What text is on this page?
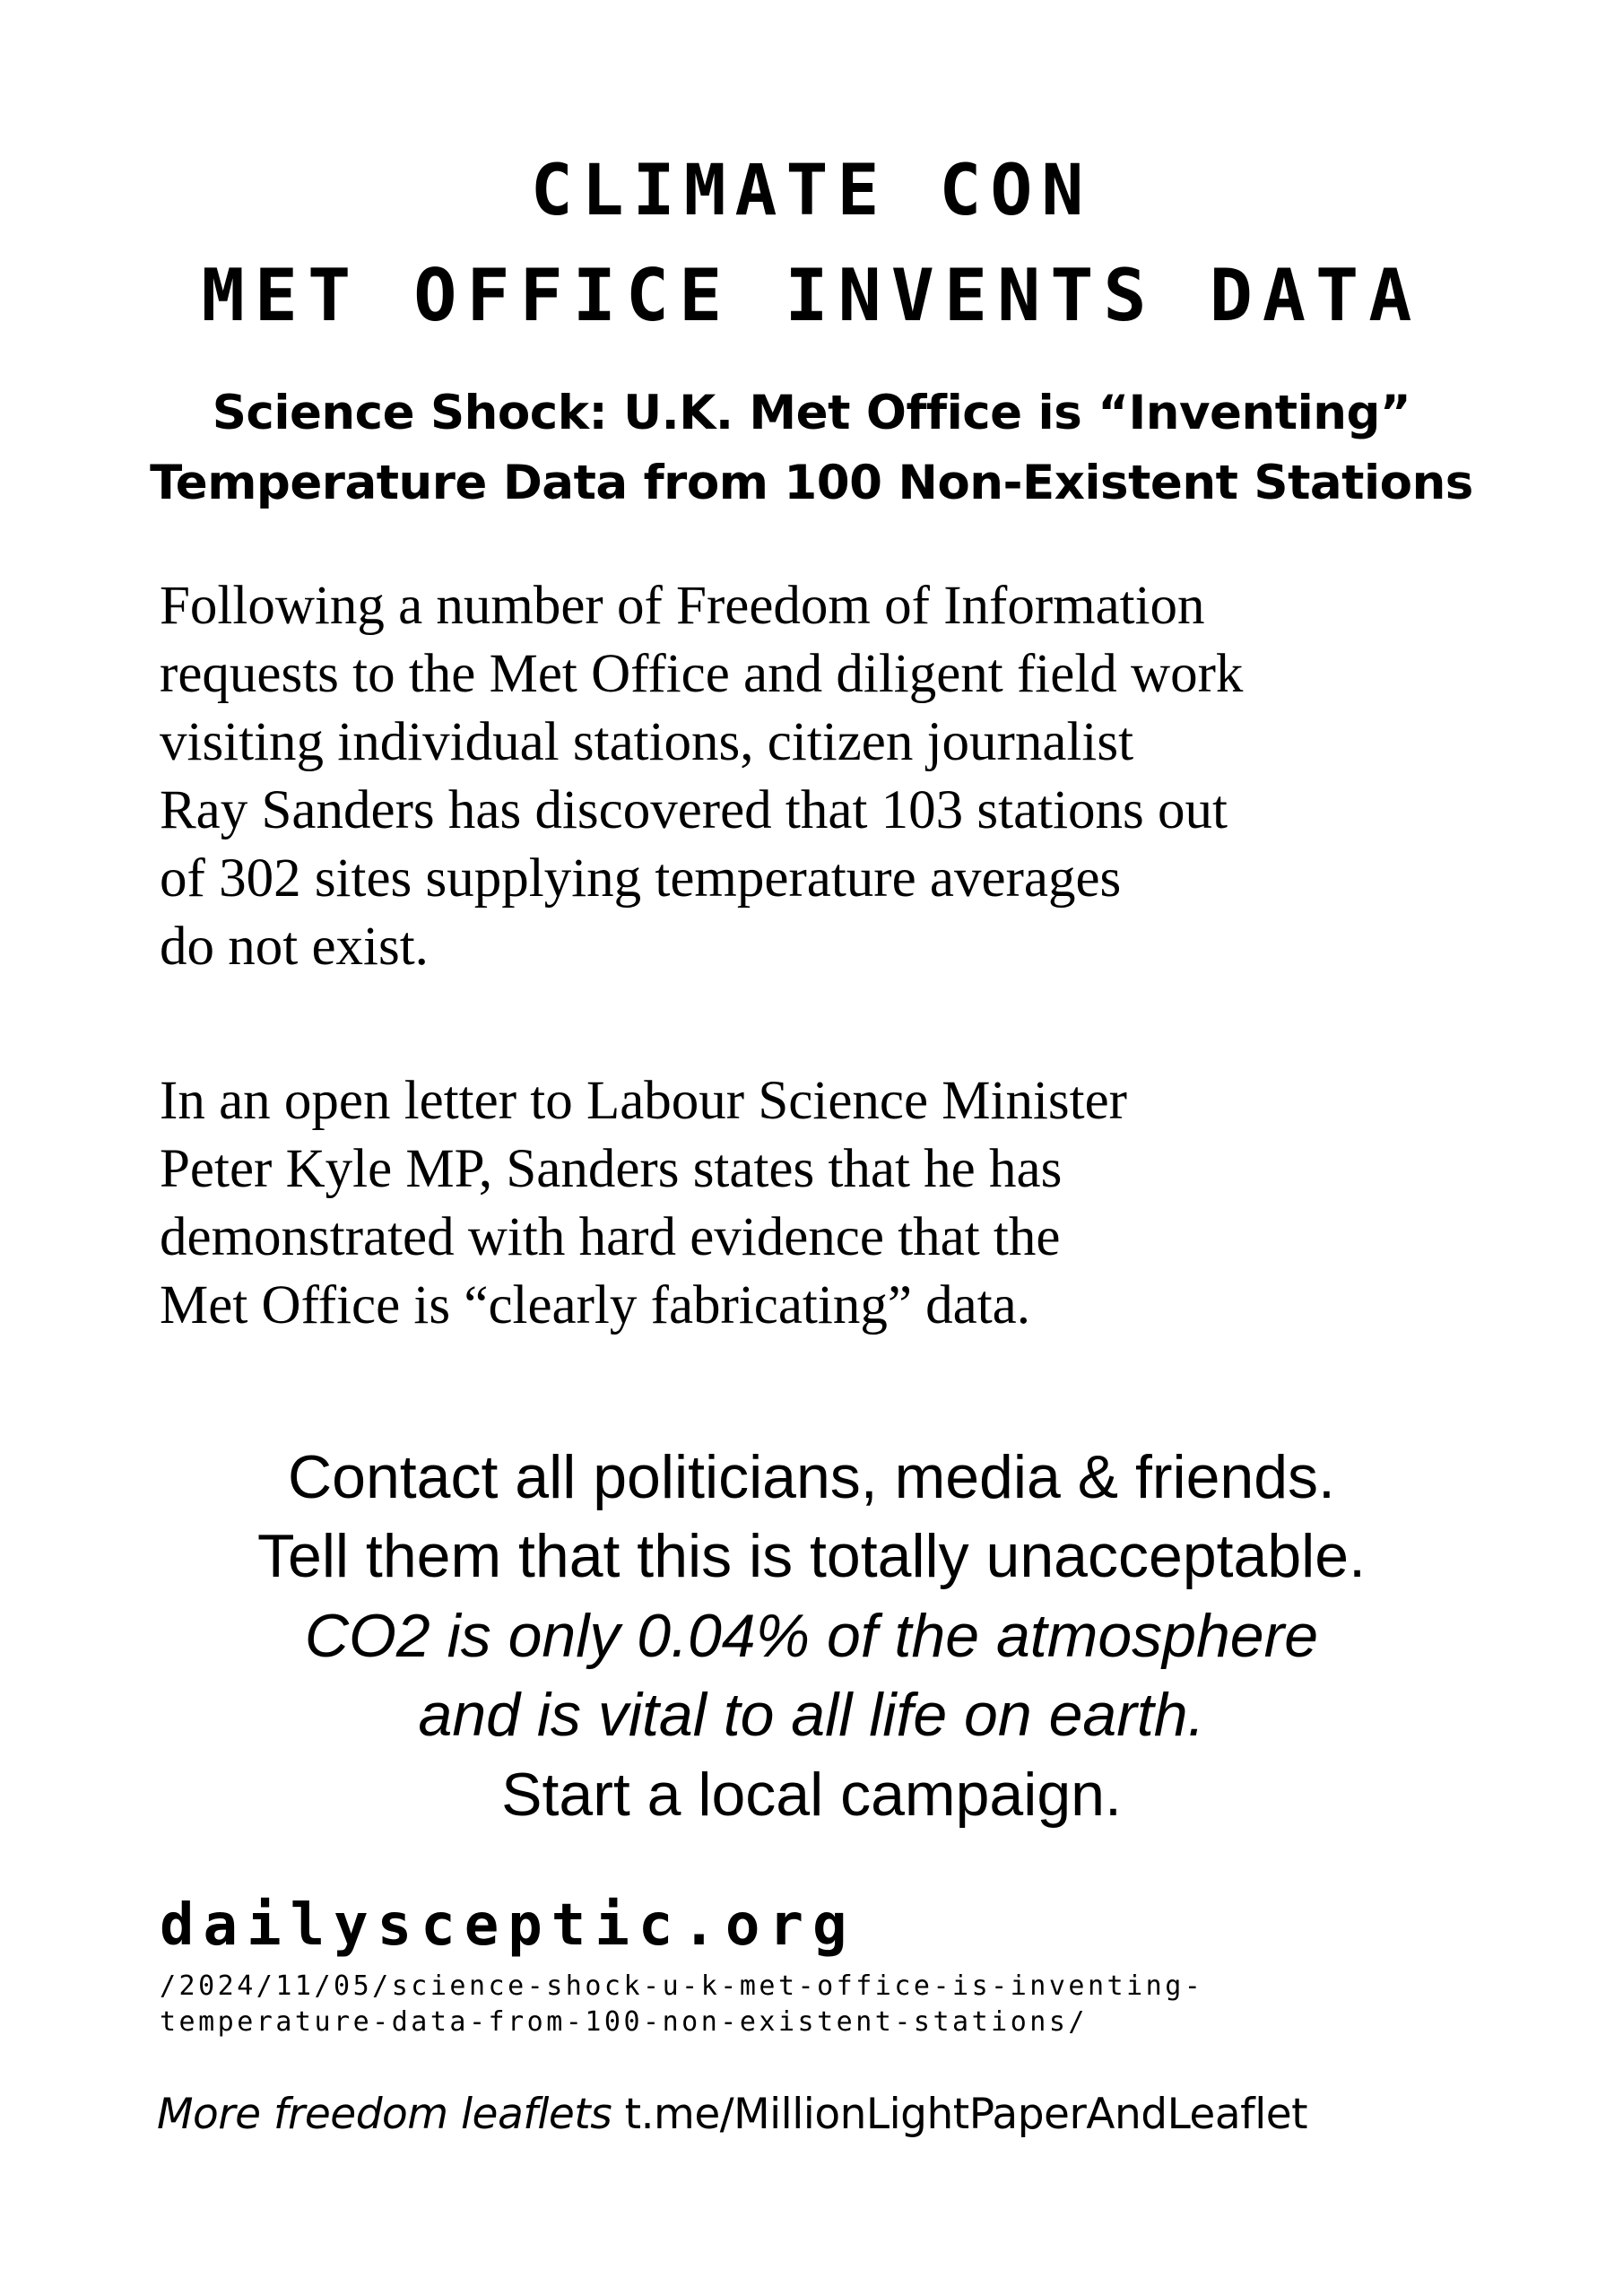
CLIMATE CON
MET OFFICE INVENTS DATA
Science Shock: U.K. Met Office is “Inventing”
Temperature Data from 100 Non-Existent Stations
Following a number of Freedom of Information
requests to the Met Office and diligent field work
visiting individual stations, citizen journalist
Ray Sanders has discovered that 103 stations out
of 302 sites supplying temperature averages
do not exist.
In an open letter to Labour Science Minister
Peter Kyle MP, Sanders states that he has
demonstrated with hard evidence that the
Met Office is “clearly fabricating” data.

Contact all politicians, media & friends.

Tell them that this is totally unacceptable.

CO2 is only 0.04% of the atmosphere

and is vital to all life on earth.

Start a local campaign.

dailysceptic.org

/2024/11/05/science-shock-u-k-met-office-is-inventing-

temperature-data-from-100-non-existent-stations/

More freedom leaflets t.me/MillionLightPaperAndLeaflet
